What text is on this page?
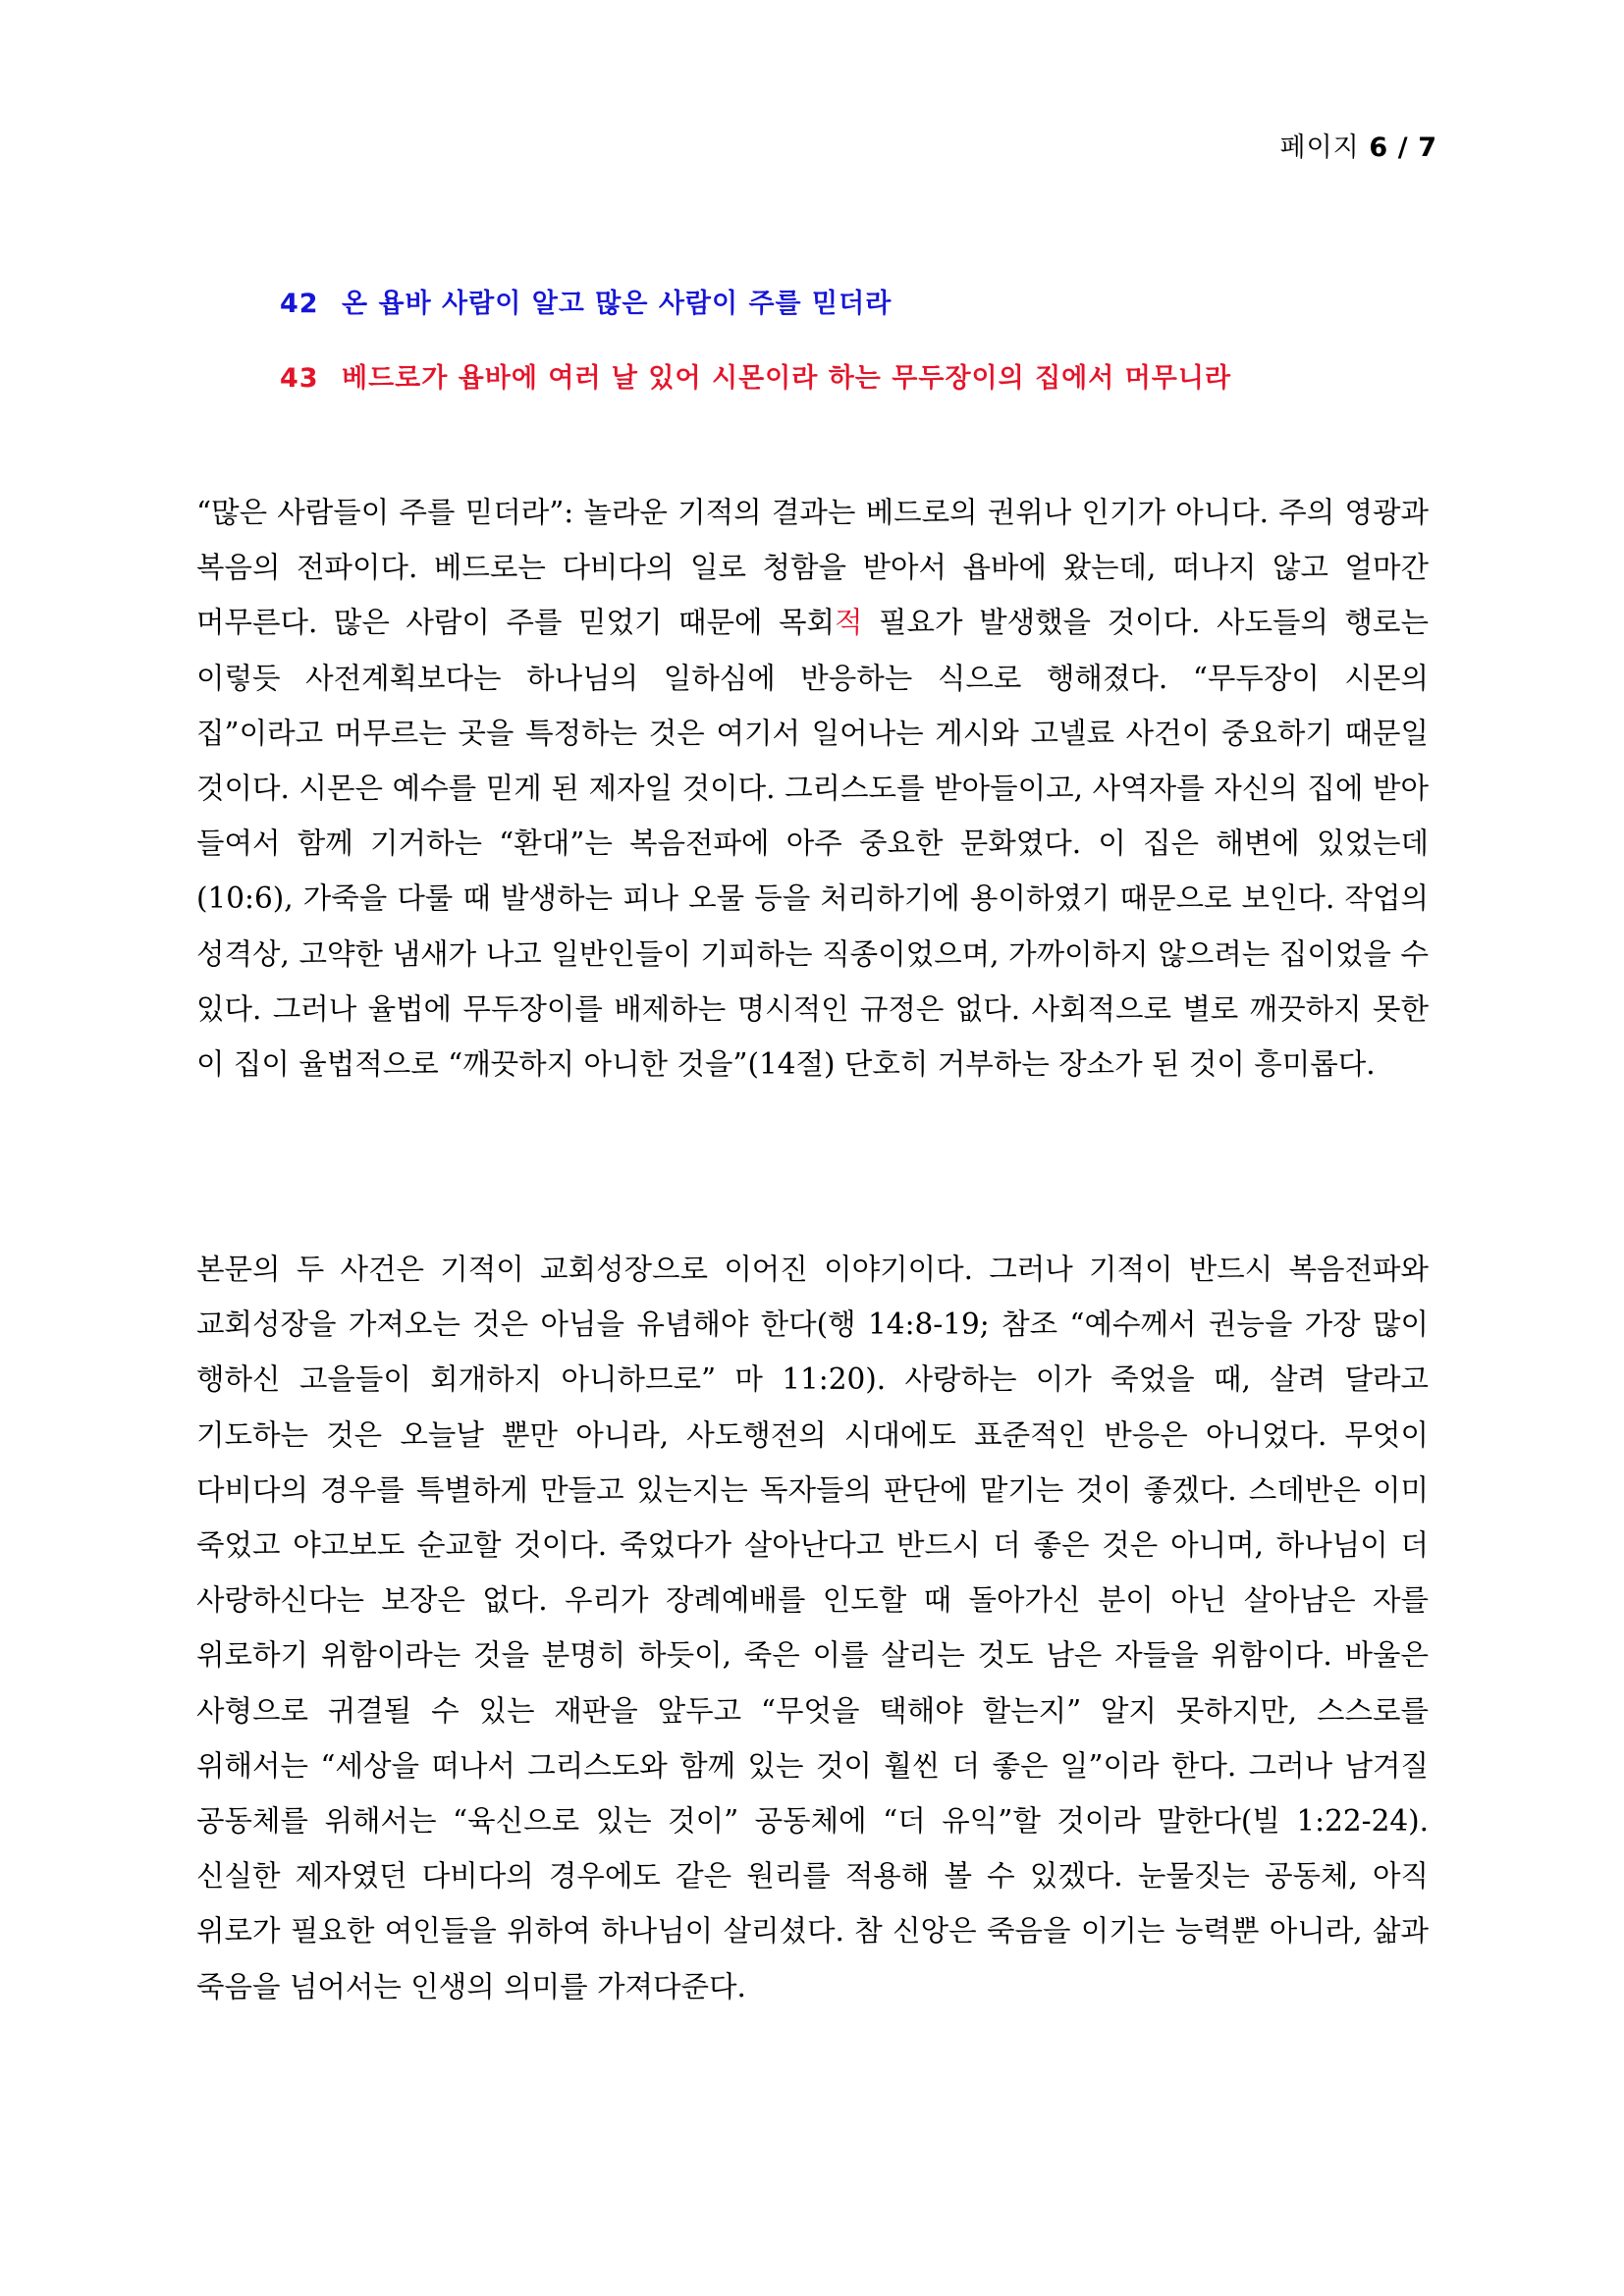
페이지 6 / 7
42 온 욥바 사람이 알고 많은 사람이 주를 믿더라
43 베드로가 욥바에 여러 날 있어 시몬이라 하는 무두장이의 집에서 머무니라

“많은 사람들이 주를 믿더라”: 놀라운 기적의 결과는 베드로의 권위나 인기가 아니다. 주의 영광과 복음의 전파이다. 베드로는 다비다의 일로 청함을 받아서 욥바에 왔는데, 떠나지 않고 얼마간 머무른다. 많은 사람이 주를 믿었기 때문에 목회적 필요가 발생했을 것이다. 사도들의 행로는 이렇듯 사전계획보다는 하나님의 일하심에 반응하는 식으로 행해졌다. “무두장이 시몬의 집”이라고 머무르는 곳을 특정하는 것은 여기서 일어나는 게시와 고넬료 사건이 중요하기 때문일 것이다. 시몬은 예수를 믿게 된 제자일 것이다. 그리스도를 받아들이고, 사역자를 자신의 집에 받아 들여서 함께 기거하는 “환대”는 복음전파에 아주 중요한 문화였다. 이 집은 해변에 있었는데(10:6), 가죽을 다룰 때 발생하는 피나 오물 등을 처리하기에 용이하였기 때문으로 보인다. 작업의 성격상, 고약한 냄새가 나고 일반인들이 기피하는 직종이었으며, 가까이하지 않으려는 집이었을 수 있다. 그러나 율법에 무두장이를 배제하는 명시적인 규정은 없다. 사회적으로 별로 깨끗하지 못한 이 집이 율법적으로 “깨끗하지 아니한 것을”(14절) 단호히 거부하는 장소가 된 것이 흥미롭다.

본문의 두 사건은 기적이 교회성장으로 이어진 이야기이다. 그러나 기적이 반드시 복음전파와 교회성장을 가져오는 것은 아님을 유념해야 한다(행 14:8-19; 참조 “예수께서 권능을 가장 많이 행하신 고을들이 회개하지 아니하므로” 마 11:20). 사랑하는 이가 죽었을 때, 살려 달라고 기도하는 것은 오늘날 뿐만 아니라, 사도행전의 시대에도 표준적인 반응은 아니었다. 무엇이 다비다의 경우를 특별하게 만들고 있는지는 독자들의 판단에 맡기는 것이 좋겠다. 스데반은 이미 죽었고 야고보도 순교할 것이다. 죽었다가 살아난다고 반드시 더 좋은 것은 아니며, 하나님이 더 사랑하신다는 보장은 없다. 우리가 장례예배를 인도할 때 돌아가신 분이 아닌 살아남은 자를 위로하기 위함이라는 것을 분명히 하듯이, 죽은 이를 살리는 것도 남은 자들을 위함이다. 바울은 사형으로 귀결될 수 있는 재판을 앞두고 “무엇을 택해야 할는지” 알지 못하지만, 스스로를 위해서는 “세상을 떠나서 그리스도와 함께 있는 것이 훨씬 더 좋은 일”이라 한다. 그러나 남겨질 공동체를 위해서는 “육신으로 있는 것이” 공동체에 “더 유익”할 것이라 말한다(빌 1:22-24). 신실한 제자였던 다비다의 경우에도 같은 원리를 적용해 볼 수 있겠다. 눈물짓는 공동체, 아직 위로가 필요한 여인들을 위하여 하나님이 살리셨다. 참 신앙은 죽음을 이기는 능력뿐 아니라, 삶과 죽음을 넘어서는 인생의 의미를 가져다준다.
